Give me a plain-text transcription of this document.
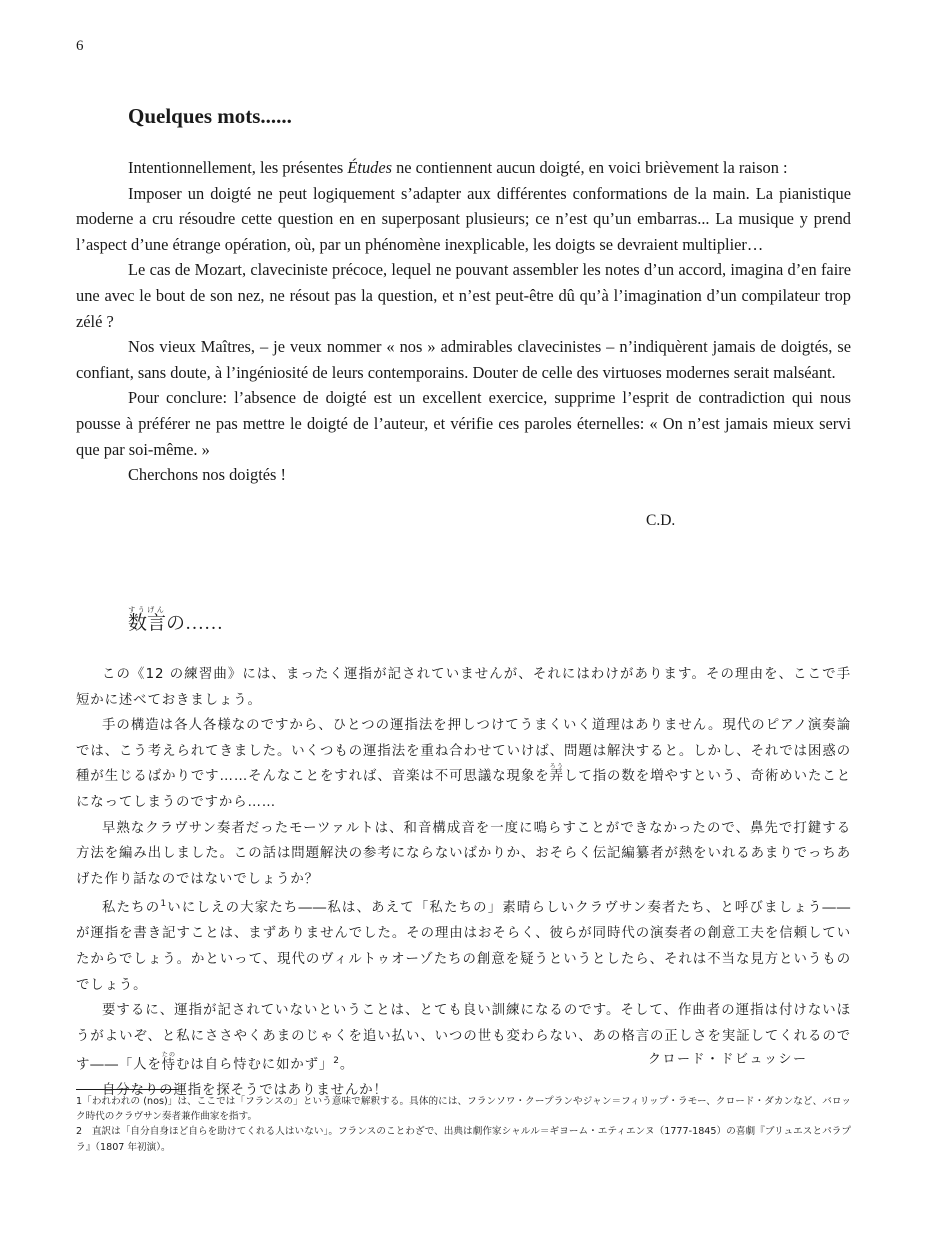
6
Quelques mots......

Intentionnellement, les présentes Études ne contiennent aucun doigté, en voici brièvement la raison :

Imposer un doigté ne peut logiquement s’adapter aux différentes conformations de la main. La pianistique moderne a cru résoudre cette question en en superposant plusieurs; ce n’est qu’un embarras... La musique y prend l’aspect d’une étrange opération, où, par un phénomène inexplicable, les doigts se devraient multiplier…

Le cas de Mozart, claveciniste précoce, lequel ne pouvant assembler les notes d’un accord, imagina d’en faire une avec le bout de son nez, ne résout pas la question, et n’est peut-être dû qu’à l’imagination d’un compilateur trop zélé ?

Nos vieux Maîtres, – je veux nommer « nos » admirables clavecinistes – n’indiquèrent jamais de doigtés, se confiant, sans doute, à l’ingéniosité de leurs contemporains. Douter de celle des virtuoses modernes serait malséant.

Pour conclure: l’absence de doigté est un excellent exercice, supprime l’esprit de contradiction qui nous pousse à préférer ne pas mettre le doigté de l’auteur, et vérifie ces paroles éternelles: « On n’est jamais mieux servi que par soi-même. »

Cherchons nos doigtés !

C.D.
数言すうげんの……

この《12 の練習曲》には、まったく運指が記されていませんが、それにはわけがあります。その理由を、ここで手短かに述べておきましょう。

手の構造は各人各様なのですから、ひとつの運指法を押しつけてうまくいく道理はありません。現代のピアノ演奏論では、こう考えられてきました。いくつもの運指法を重ね合わせていけば、問題は解決すると。しかし、それでは困惑の種が生じるばかりです……そんなことをすれば、音楽は不可思議な現象を弄ろうして指の数を増やすという、奇術めいたことになってしまうのですから……

早熟なクラヴサン奏者だったモーツァルトは、和音構成音を一度に鳴らすことができなかったので、鼻先で打鍵する方法を編み出しました。この話は問題解決の参考にならないばかりか、おそらく伝記編纂者が熱をいれるあまりでっちあげた作り話なのではないでしょうか？

私たちの$^1$いにしえの大家たち――私は、あえて「私たちの」素晴らしいクラヴサン奏者たち、と呼びましょう――が運指を書き記すことは、まずありませんでした。その理由はおそらく、彼らが同時代の演奏者の創意工夫を信頼していたからでしょう。かといって、現代のヴィルトゥオーゾたちの創意を疑うというとしたら、それは不当な見方というものでしょう。

要するに、運指が記されていないということは、とても良い訓練になるのです。そして、作曲者の運指は付けないほうがよいぞ、と私にささやくあまのじゃくを追い払い、いつの世も変わらない、あの格言の正しさを実証してくれるのです――「人を恃たのむは自ら恃むに如かず」$^2$。

自分なりの運指を探そうではありませんか！

クロード・ドビュッシー

1「われわれの (nos)」は、ここでは「フランスの」という意味で解釈する。具体的には、フランソワ・クープランやジャン＝フィリップ・ラモー、クロード・ダカンなど、バロック時代のクラヴサン奏者兼作曲家を指す。

2　直訳は「自分自身ほど自らを助けてくれる人はいない」。フランスのことわざで、出典は劇作家シャルル＝ギヨーム・エティエンヌ（1777-1845）の喜劇『ブリュエスとパラプラ』（1807 年初演）。
